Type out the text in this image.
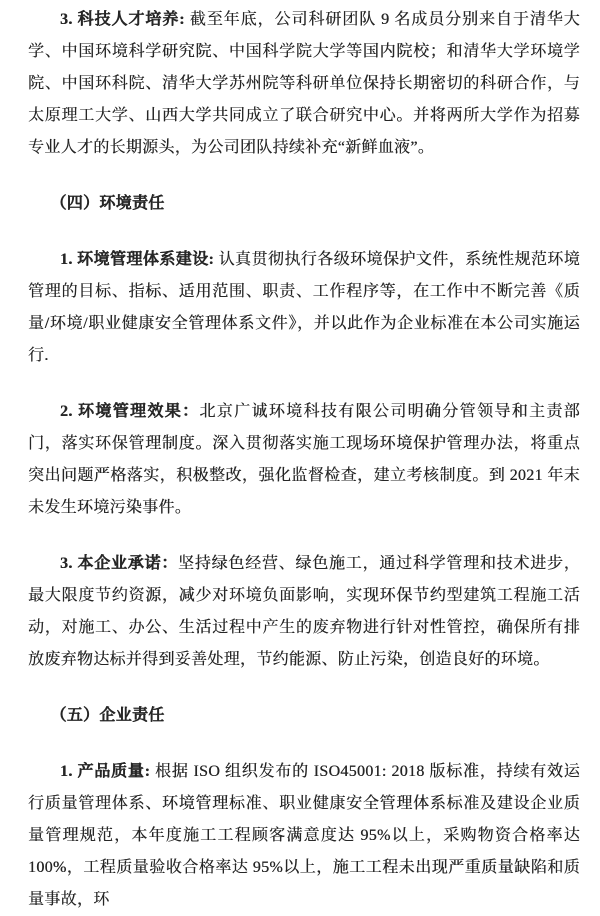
3. 科技人才培养: 截至年底，公司科研团队 9 名成员分别来自于清华大学、中国环境科学研究院、中国科学院大学等国内院校；和清华大学环境学院、中国环科院、清华大学苏州院等科研单位保持长期密切的科研合作，与太原理工大学、山西大学共同成立了联合研究中心。并将两所大学作为招募专业人才的长期源头，为公司团队持续补充“新鲜血液”。

（四）环境责任

1. 环境管理体系建设: 认真贯彻执行各级环境保护文件，系统性规范环境管理的目标、指标、适用范围、职责、工作程序等，在工作中不断完善《质量/环境/职业健康安全管理体系文件》，并以此作为企业标准在本公司实施运行.

2. 环境管理效果：北京广诚环境科技有限公司明确分管领导和主责部门，落实环保管理制度。深入贯彻落实施工现场环境保护管理办法，将重点突出问题严格落实，积极整改，强化监督检查，建立考核制度。到 2021 年末未发生环境污染事件。

3. 本企业承诺：坚持绿色经营、绿色施工，通过科学管理和技术进步，最大限度节约资源，减少对环境负面影响，实现环保节约型建筑工程施工活动，对施工、办公、生活过程中产生的废弃物进行针对性管控，确保所有排放废弃物达标并得到妥善处理，节约能源、防止污染，创造良好的环境。

（五）企业责任

1. 产品质量: 根据 ISO 组织发布的 ISO45001: 2018 版标准，持续有效运行质量管理体系、环境管理标准、职业健康安全管理体系标准及建设企业质量管理规范，本年度施工工程顾客满意度达 95%以上，采购物资合格率达 100%，工程质量验收合格率达 95%以上，施工工程未出现严重质量缺陷和质量事故，环
